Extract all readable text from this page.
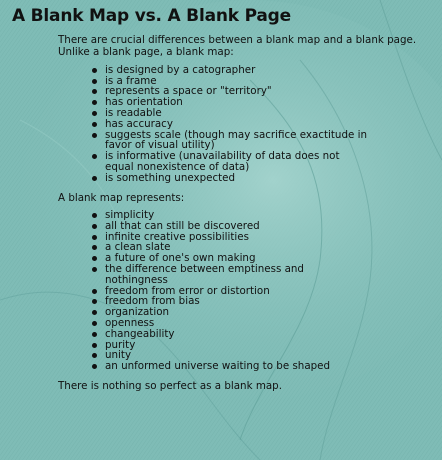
A Blank Map vs. A Blank Page

There are crucial differences between a blank map and a blank page. Unlike a blank page, a blank map:

is designed by a catographer
is a frame
represents a space or "territory"
has orientation
is readable
has accuracy
suggests scale (though may sacrifice exactitude in favor of visual utility)
is informative (unavailability of data does not equal nonexistence of data)
is something unexpected

A blank map represents:

simplicity
all that can still be discovered
infinite creative possibilities
a clean slate
a future of one's own making
the difference between emptiness and nothingness
freedom from error or distortion
freedom from bias
organization
openness
changeability
purity
unity
an unformed universe waiting to be shaped

There is nothing so perfect as a blank map.
